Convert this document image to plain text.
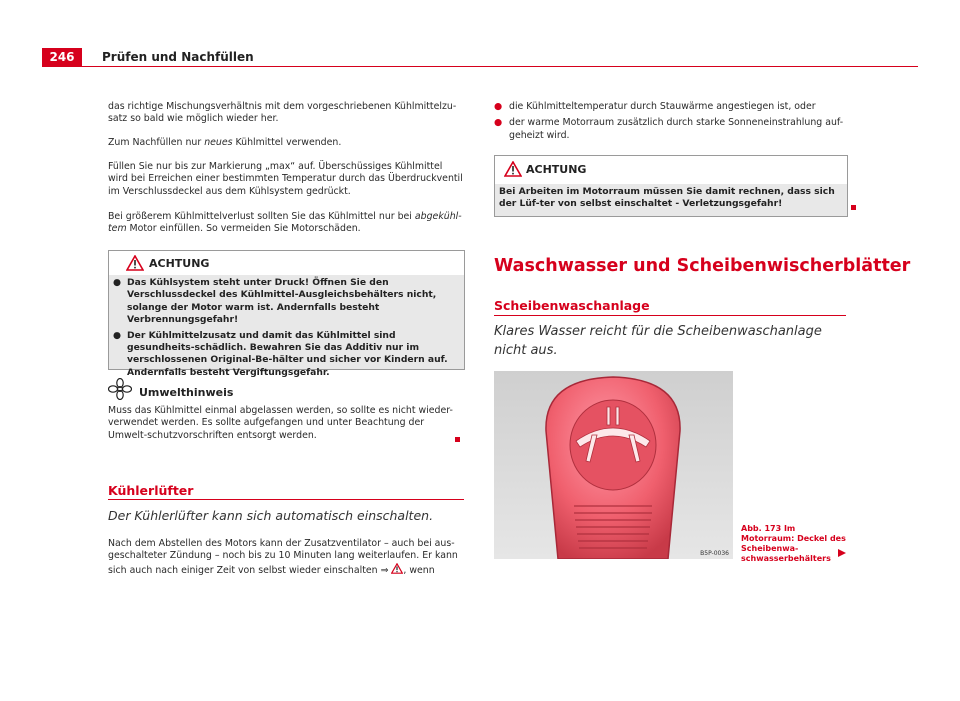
246	Prüfen und Nachfüllen

das richtige Mischungsverhältnis mit dem vorgeschriebenen Kühlmittelzu-satz so bald wie möglich wieder her.

Zum Nachfüllen nur neues Kühlmittel verwenden.

Füllen Sie nur bis zur Markierung „max“ auf. Überschüssiges Kühlmittel wird bei Erreichen einer bestimmten Temperatur durch das Überdruckventil im Verschlussdeckel aus dem Kühlsystem gedrückt.

Bei größerem Kühlmittelverlust sollten Sie das Kühlmittel nur bei abgekühl-tem Motor einfüllen. So vermeiden Sie Motorschäden.
ACHTUNG
● Das Kühlsystem steht unter Druck! Öffnen Sie den Verschlussdeckel des Kühlmittel-Ausgleichsbehälters nicht, solange der Motor warm ist. Andernfalls besteht Verbrennungsgefahr!
● Der Kühlmittelzusatz und damit das Kühlmittel sind gesundheits-schädlich. Bewahren Sie das Additiv nur im verschlossenen Original-Be-hälter und sicher vor Kindern auf. Andernfalls besteht Vergiftungsgefahr.
Umwelthinweis
Muss das Kühlmittel einmal abgelassen werden, so sollte es nicht wieder-verwendet werden. Es sollte aufgefangen und unter Beachtung der Umwelt-schutzvorschriften entsorgt werden.
Kühlerlüfter
Der Kühlerlüfter kann sich automatisch einschalten.
Nach dem Abstellen des Motors kann der Zusatzventilator – auch bei aus-geschalteter Zündung – noch bis zu 10 Minuten lang weiterlaufen. Er kann sich auch nach einiger Zeit von selbst wieder einschalten ⇒ , wenn
● die Kühlmitteltemperatur durch Stauwärme angestiegen ist, oder
● der warme Motorraum zusätzlich durch starke Sonneneinstrahlung auf-geheizt wird.
ACHTUNG
Bei Arbeiten im Motorraum müssen Sie damit rechnen, dass sich der Lüf-ter von selbst einschaltet - Verletzungsgefahr!
Waschwasser und Scheibenwischerblätter
Scheibenwaschanlage
Klares Wasser reicht für die Scheibenwaschanlage nicht aus.
B5P-0036
Abb. 173 Im Motorraum: Deckel des Scheibenwa-schwasserbehälters
